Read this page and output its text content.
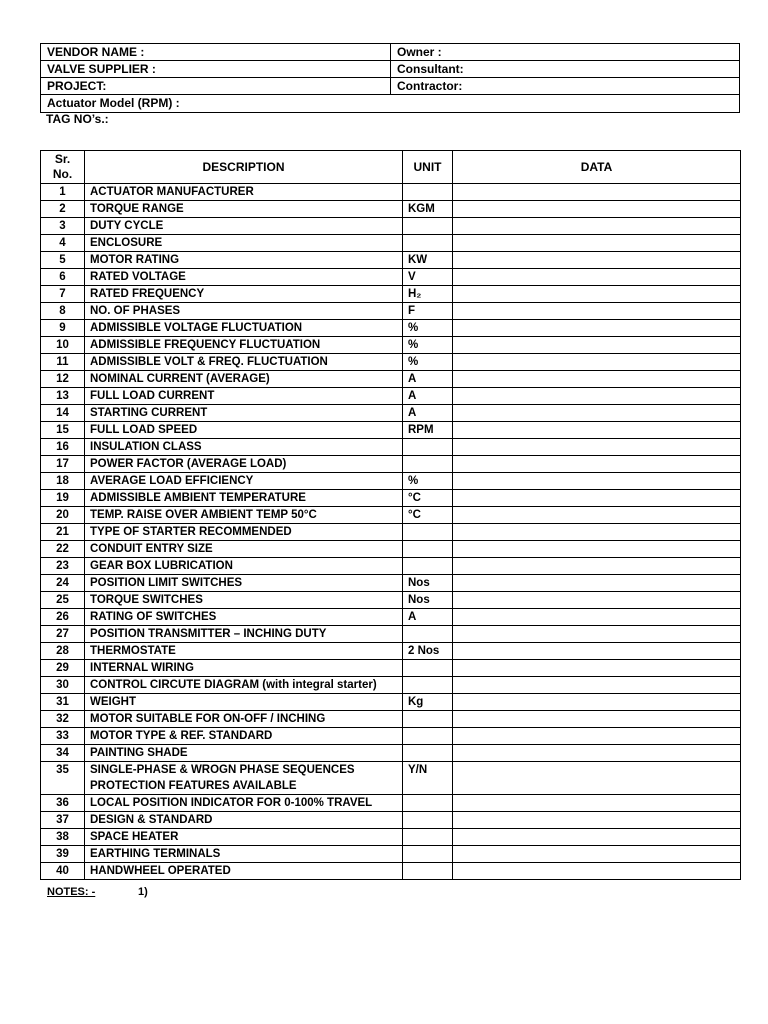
VENDOR NAME :	Owner :
VALVE SUPPLIER :	Consultant:
PROJECT:	Contractor:
Actuator Model (RPM) :
TAG NO’s.:
Sr.
No.	DESCRIPTION	UNIT	DATA
1	ACTUATOR MANUFACTURER		
2	TORQUE RANGE	KGM	
3	DUTY CYCLE		
4	ENCLOSURE		
5	MOTOR RATING	KW	
6	RATED VOLTAGE	V	
7	RATED FREQUENCY	H₂	
8	NO. OF PHASES	F	
9	ADMISSIBLE VOLTAGE FLUCTUATION	%	
10	ADMISSIBLE FREQUENCY FLUCTUATION	%	
11	ADMISSIBLE VOLT & FREQ. FLUCTUATION	%	
12	NOMINAL CURRENT (AVERAGE)	A	
13	FULL LOAD CURRENT	A	
14	STARTING CURRENT	A	
15	FULL LOAD SPEED	RPM	
16	INSULATION CLASS		
17	POWER FACTOR (AVERAGE LOAD)		
18	AVERAGE LOAD EFFICIENCY	%	
19	ADMISSIBLE AMBIENT TEMPERATURE	°C	
20	TEMP. RAISE OVER AMBIENT TEMP 50°C	°C	
21	TYPE OF STARTER RECOMMENDED		
22	CONDUIT ENTRY SIZE		
23	GEAR BOX LUBRICATION		
24	POSITION LIMIT SWITCHES	Nos	
25	TORQUE SWITCHES	Nos	
26	RATING OF SWITCHES	A	
27	POSITION TRANSMITTER – INCHING DUTY		
28	THERMOSTATE	2 Nos	
29	INTERNAL WIRING		
30	CONTROL CIRCUTE DIAGRAM (with integral starter)		
31	WEIGHT	Kg	
32	MOTOR SUITABLE FOR ON-OFF / INCHING		
33	MOTOR TYPE & REF. STANDARD		
34	PAINTING SHADE		
35	SINGLE-PHASE & WROGN PHASE SEQUENCES PROTECTION FEATURES AVAILABLE	Y/N	
36	LOCAL POSITION INDICATOR FOR 0-100% TRAVEL		
37	DESIGN & STANDARD		
38	SPACE HEATER		
39	EARTHING TERMINALS		
40	HANDWHEEL OPERATED		
NOTES: -	1)
